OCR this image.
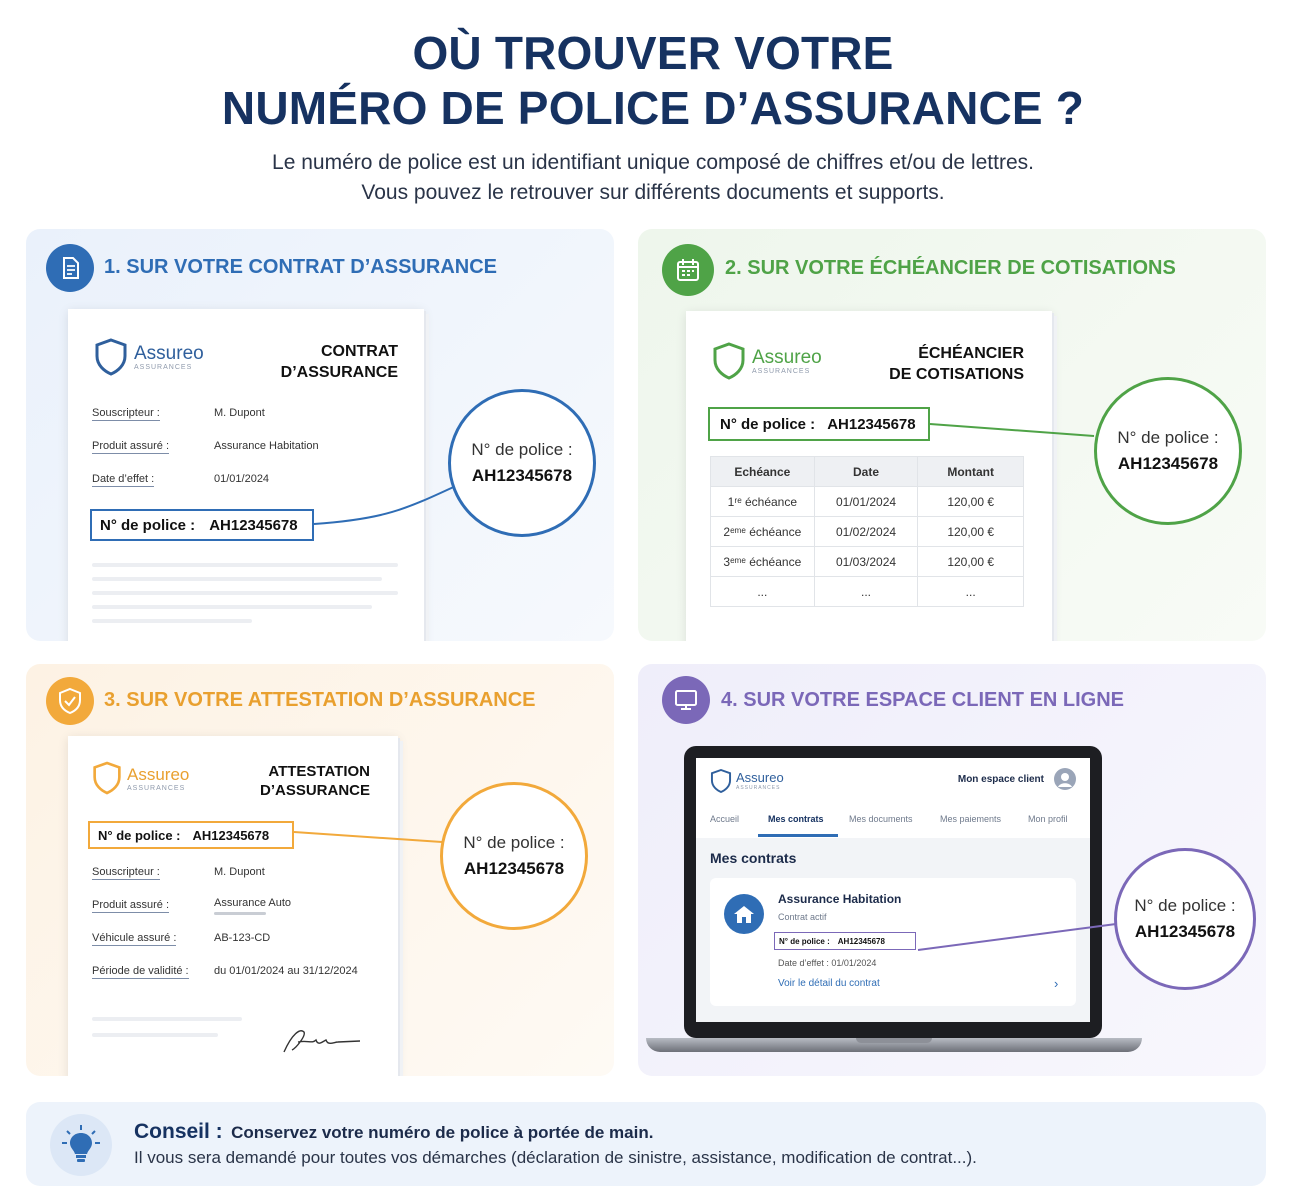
OÙ TROUVER VOTRE
NUMÉRO DE POLICE D’ASSURANCE ?
Le numéro de police est un identifiant unique composé de chiffres et/ou de lettres.
Vous pouvez le retrouver sur différents documents et supports.
1. SUR VOTRE CONTRAT D’ASSURANCE
Assureo
ASSURANCES
CONTRAT
D’ASSURANCE
Souscripteur :	M. Dupont
Produit assuré :	Assurance Habitation
Date d’effet :	01/01/2024
N° de police : AH12345678
N° de police :
AH12345678
2. SUR VOTRE ÉCHÉANCIER DE COTISATIONS
Assureo
ASSURANCES
ÉCHÉANCIER
DE COTISATIONS
N° de police : AH12345678
Echéance	Date	Montant
1ʳᵉ échéance	01/01/2024	120,00 €
2ᵉᵐᵉ échéance	01/02/2024	120,00 €
3ᵉᵐᵉ échéance	01/03/2024	120,00 €
...	...	...
N° de police :
AH12345678
3. SUR VOTRE ATTESTATION D’ASSURANCE
Assureo
ASSURANCES
ATTESTATION
D’ASSURANCE
N° de police : AH12345678
Souscripteur :	M. Dupont
Produit assuré :	Assurance Auto
Véhicule assuré :	AB-123-CD
Période de validité : du 01/01/2024 au 31/12/2024
N° de police :
AH12345678
4. SUR VOTRE ESPACE CLIENT EN LIGNE
Assureo
ASSURANCES
Mon espace client
Accueil	Mes contrats	Mes documents	Mes paiements	Mon profil
Mes contrats
Assurance Habitation
Contrat actif
N° de police : AH12345678
Date d’effet : 01/01/2024
Voir le détail du contrat	›
N° de police :
AH12345678
Conseil : Conservez votre numéro de police à portée de main.
Il vous sera demandé pour toutes vos démarches (déclaration de sinistre, assistance, modification de contrat...).
